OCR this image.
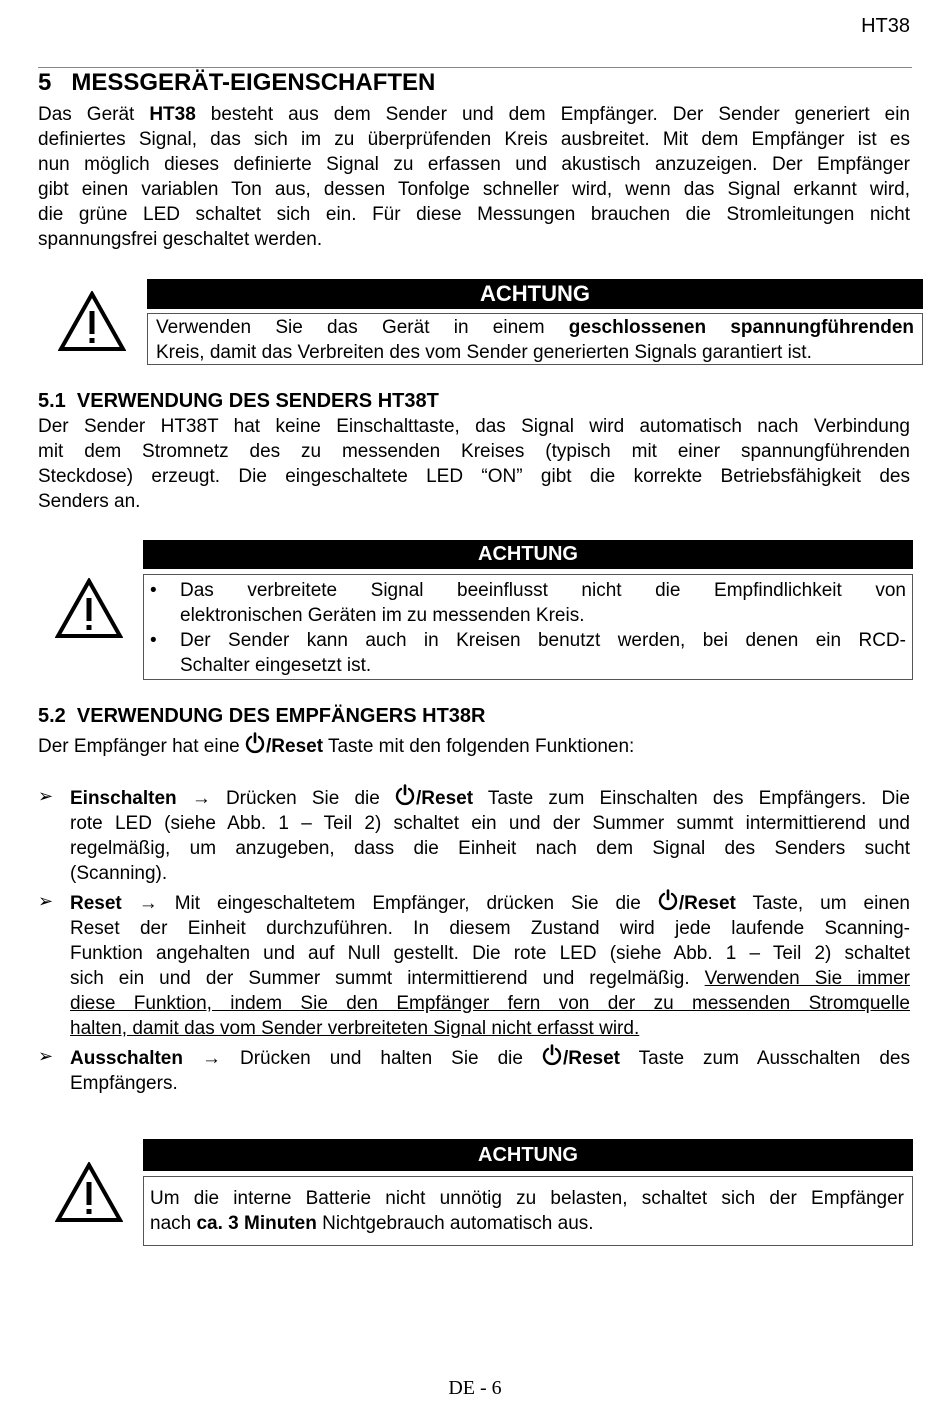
HT38
5   MESSGERÄT-EIGENSCHAFTEN
Das Gerät HT38 besteht aus dem Sender und dem Empfänger. Der Sender generiert ein
definiertes Signal, das sich im zu überprüfenden Kreis ausbreitet. Mit dem Empfänger ist es
nun möglich dieses definierte Signal zu erfassen und akustisch anzuzeigen. Der Empfänger
gibt einen variablen Ton aus, dessen Tonfolge schneller wird, wenn das Signal erkannt wird,
die grüne LED schaltet sich ein. Für diese Messungen brauchen die Stromleitungen nicht
spannungsfrei geschaltet werden.
ACHTUNG
Verwenden Sie das Gerät in einem geschlossenen spannungführenden
Kreis, damit das Verbreiten des vom Sender generierten Signals garantiert ist.
5.1  VERWENDUNG DES SENDERS HT38T
Der Sender HT38T hat keine Einschalttaste, das Signal wird automatisch nach Verbindung
mit dem Stromnetz des zu messenden Kreises (typisch mit einer spannungführenden
Steckdose) erzeugt. Die eingeschaltete LED “ON” gibt die korrekte Betriebsfähigkeit des
Senders an.
ACHTUNG
• Das verbreitete Signal beeinflusst nicht die Empfindlichkeit von
elektronischen Geräten im zu messenden Kreis.
• Der Sender kann auch in Kreisen benutzt werden, bei denen ein RCD-
Schalter eingesetzt ist.
5.2  VERWENDUNG DES EMPFÄNGERS HT38R
Der Empfänger hat eine /Reset Taste mit den folgenden Funktionen:
➢ Einschalten → Drücken Sie die /Reset Taste zum Einschalten des Empfängers. Die
rote LED (siehe Abb. 1 – Teil 2) schaltet ein und der Summer summt intermittierend und
regelmäßig, um anzugeben, dass die Einheit nach dem Signal des Senders sucht
(Scanning).
➢ Reset → Mit eingeschaltetem Empfänger, drücken Sie die /Reset Taste, um einen
Reset der Einheit durchzuführen. In diesem Zustand wird jede laufende Scanning-
Funktion angehalten und auf Null gestellt. Die rote LED (siehe Abb. 1 – Teil 2) schaltet
sich ein und der Summer summt intermittierend und regelmäßig. Verwenden Sie immer
diese Funktion, indem Sie den Empfänger fern von der zu messenden Stromquelle
halten, damit das vom Sender verbreiteten Signal nicht erfasst wird.
➢ Ausschalten → Drücken und halten Sie die /Reset Taste zum Ausschalten des
Empfängers.
ACHTUNG
Um die interne Batterie nicht unnötig zu belasten, schaltet sich der Empfänger
nach ca. 3 Minuten Nichtgebrauch automatisch aus.
DE - 6
